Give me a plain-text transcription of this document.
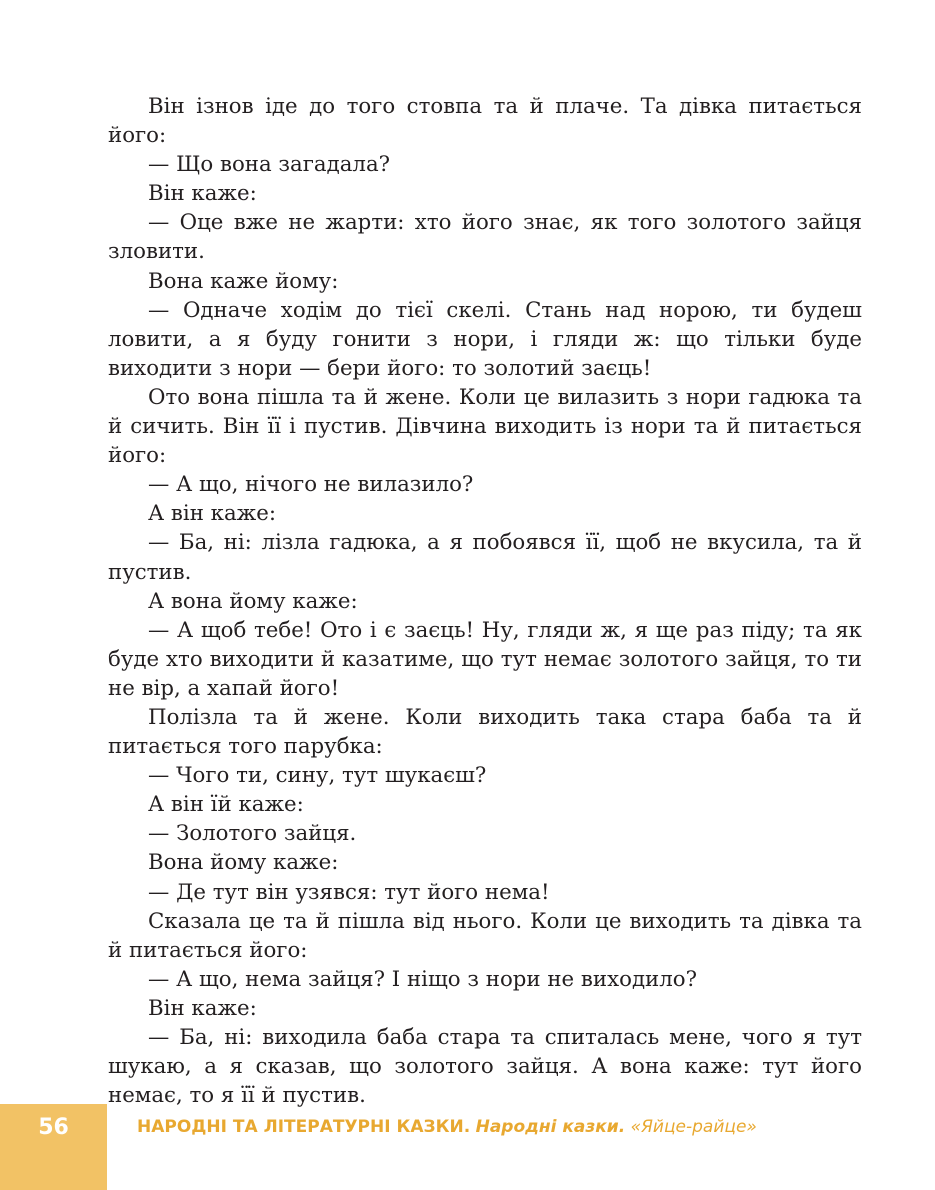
Він ізнов іде до того стовпа та й плаче. Та дівка питається його:

— Що вона загадала?

Він каже:

— Оце вже не жарти: хто його знає, як того золотого зайця зловити.

Вона каже йому:

— Одначе ходім до тієї скелі. Стань над норою, ти будеш ловити, а я буду гонити з нори, і гляди ж: що тільки буде виходити з нори — бери його: то золотий заєць!

Ото вона пішла та й жене. Коли це вилазить з нори гадюка та й сичить. Він її і пустив. Дівчина виходить із нори та й питається його:

— А що, нічого не вилазило?

А він каже:

— Ба, ні: лізла гадюка, а я побоявся її, щоб не вкусила, та й пустив.

А вона йому каже:

— А щоб тебе! Ото і є заєць! Ну, гляди ж, я ще раз піду; та як буде хто виходити й казатиме, що тут немає золотого зайця, то ти не вір, а хапай його!

Полізла та й жене. Коли виходить така стара баба та й питається того парубка:

— Чого ти, сину, тут шукаєш?

А він їй каже:

— Золотого зайця.

Вона йому каже:

— Де тут він узявся: тут його нема!

Сказала це та й пішла від нього. Коли це виходить та дівка та й питається його:

— А що, нема зайця? І ніщо з нори не виходило?

Він каже:

— Ба, ні: виходила баба стара та спиталась мене, чого я тут шукаю, а я сказав, що золотого зайця. А вона каже: тут його немає, то я її й пустив.

56	НАРОДНІ ТА ЛІТЕРАТУРНІ КАЗКИ. Народні казки. «Яйце-райце»
